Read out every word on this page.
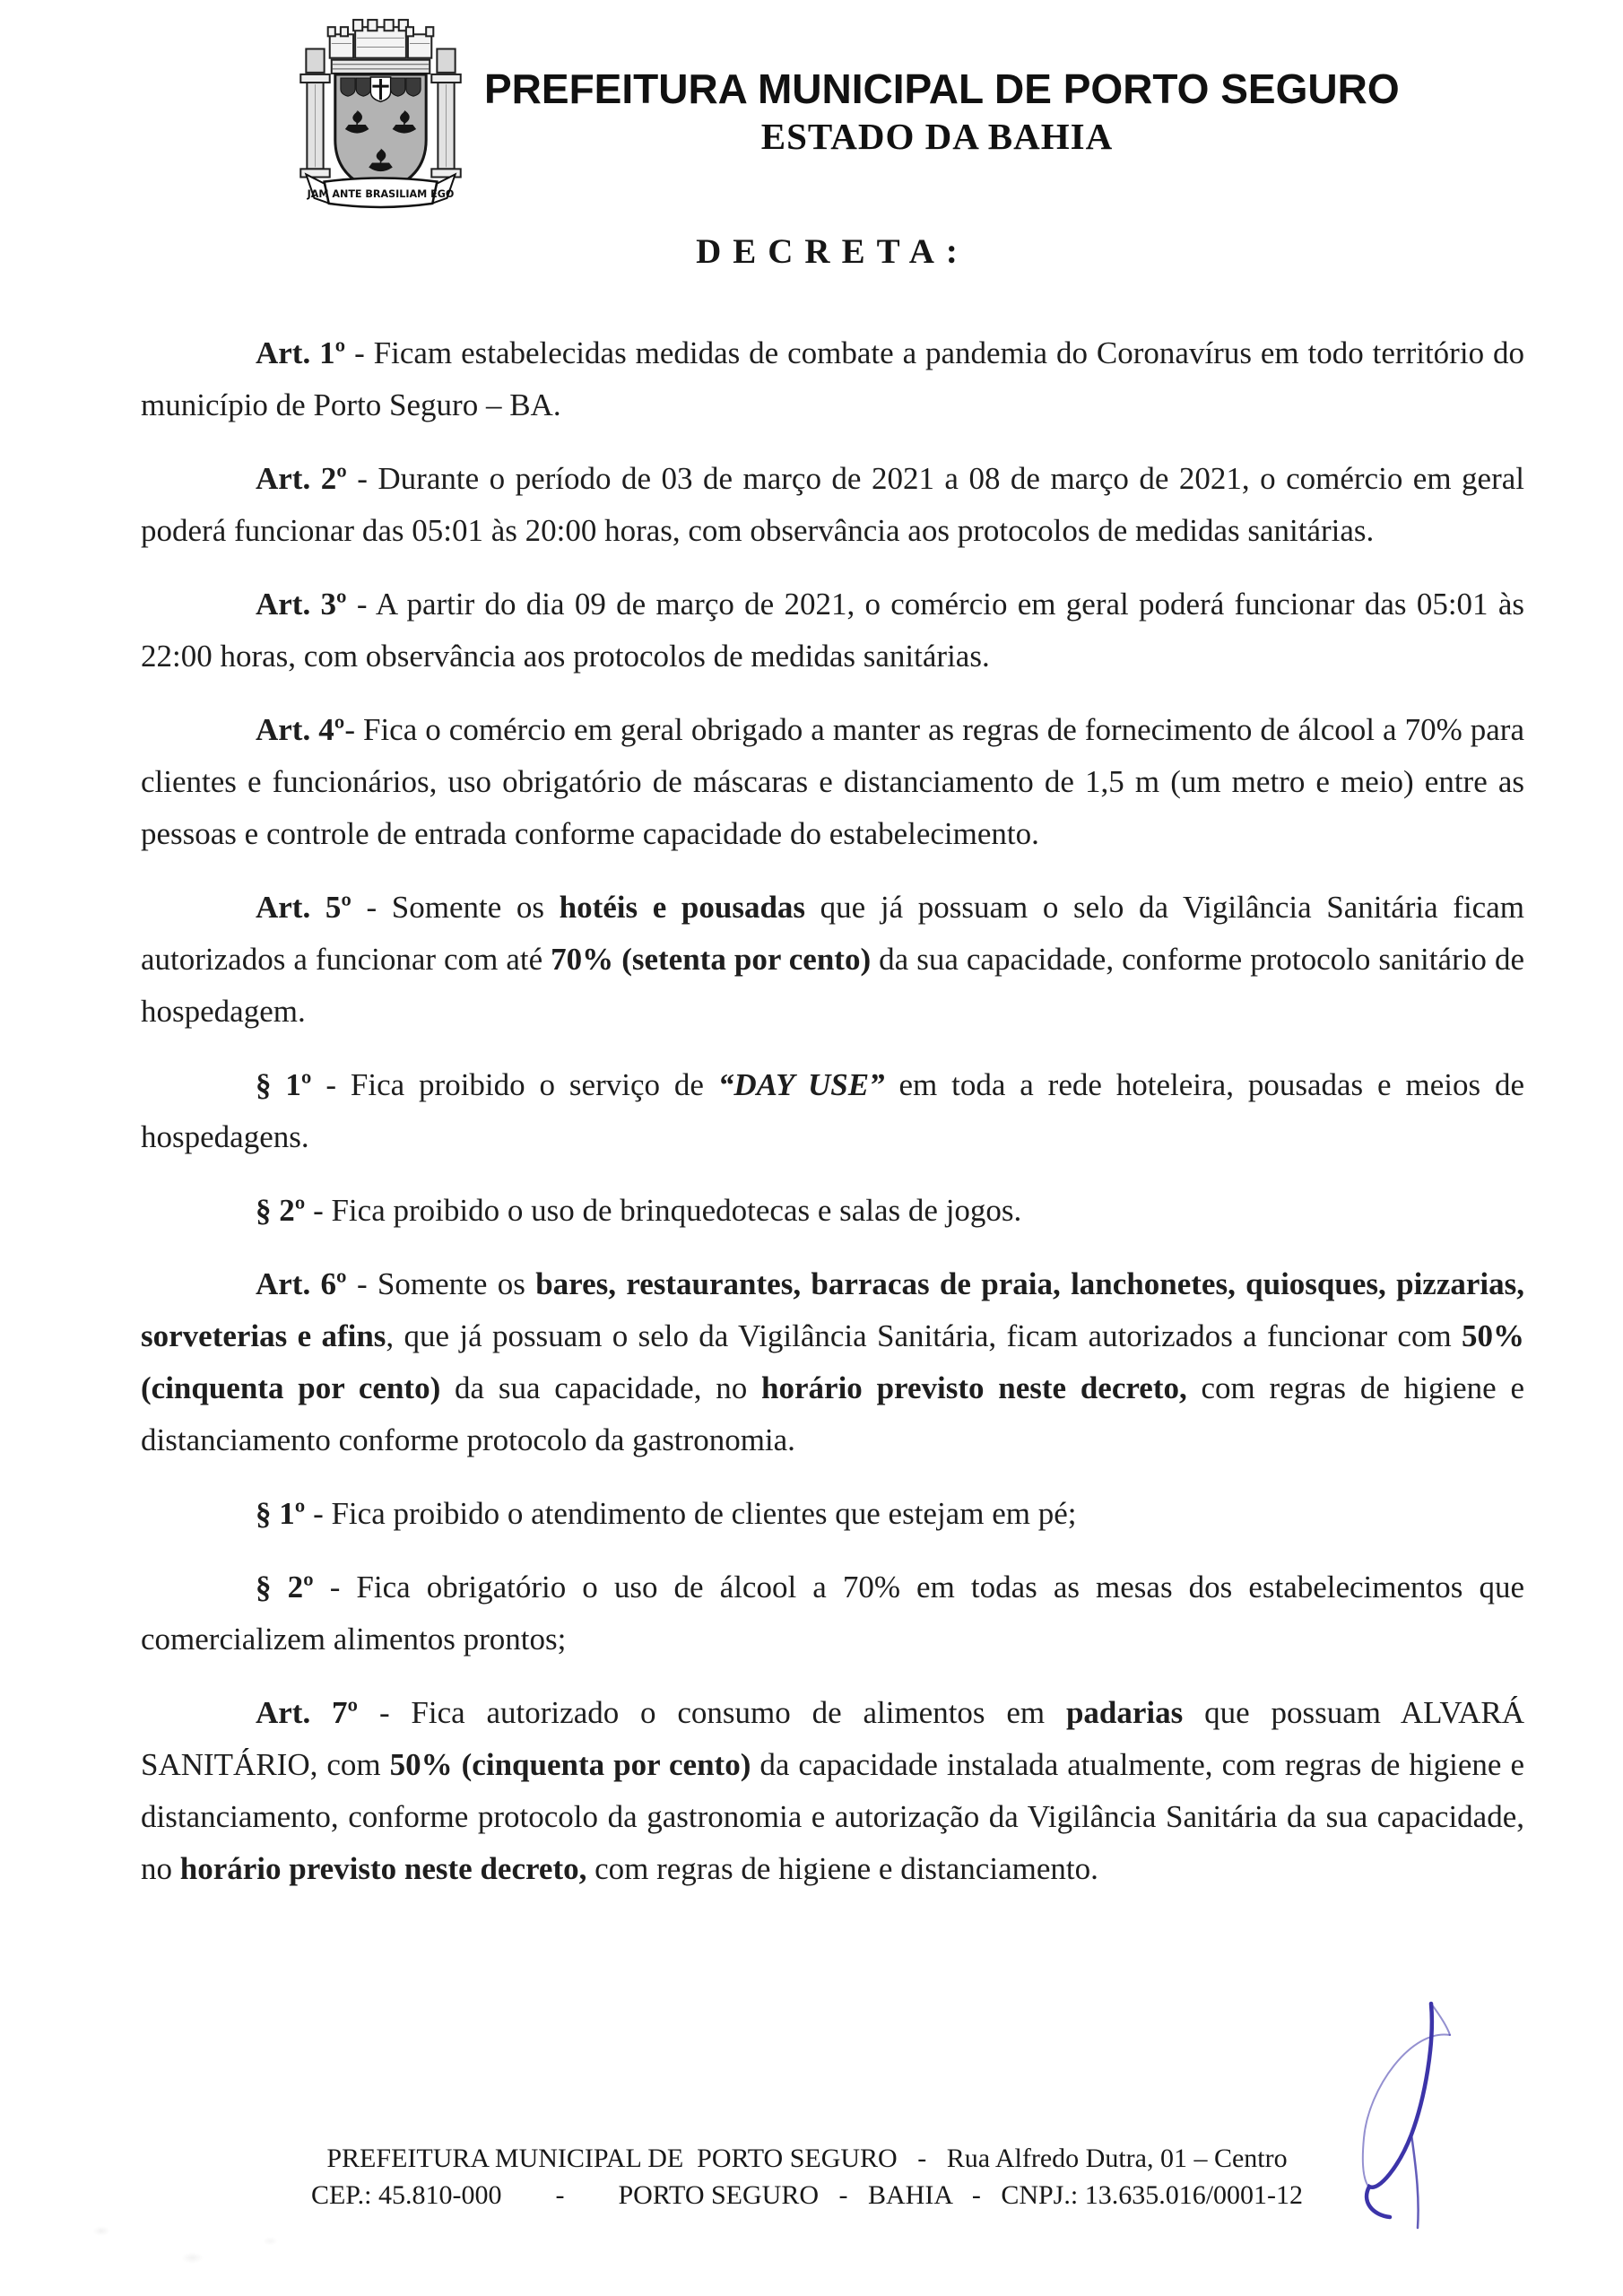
JAM ANTE BRASILIAM EGO
PREFEITURA MUNICIPAL DE PORTO SEGURO
ESTADO DA BAHIA
DECRETA:

Art. 1º - Ficam estabelecidas medidas de combate a pandemia do Coronavírus em todo território do município de Porto Seguro – BA.

Art. 2º - Durante o período de 03 de março de 2021 a 08 de março de 2021, o comércio em geral poderá funcionar das 05:01 às 20:00 horas, com observância aos protocolos de medidas sanitárias.

Art. 3º - A partir do dia 09 de março de 2021, o comércio em geral poderá funcionar das 05:01 às 22:00 horas, com observância aos protocolos de medidas sanitárias.

Art. 4º- Fica o comércio em geral obrigado a manter as regras de fornecimento de álcool a 70% para clientes e funcionários, uso obrigatório de máscaras e distanciamento de 1,5 m (um metro e meio) entre as pessoas e controle de entrada conforme capacidade do estabelecimento.

Art. 5º - Somente os hotéis e pousadas que já possuam o selo da Vigilância Sanitária ficam autorizados a funcionar com até 70% (setenta por cento) da sua capacidade, conforme protocolo sanitário de hospedagem.

§ 1º - Fica proibido o serviço de “DAY USE” em toda a rede hoteleira, pousadas e meios de hospedagens.

§ 2º - Fica proibido o uso de brinquedotecas e salas de jogos.

Art. 6º - Somente os bares, restaurantes, barracas de praia, lanchonetes, quiosques, pizzarias, sorveterias e afins, que já possuam o selo da Vigilância Sanitária, ficam autorizados a funcionar com 50% (cinquenta por cento) da sua capacidade, no horário previsto neste decreto, com regras de higiene e distanciamento conforme protocolo da gastronomia.

§ 1º - Fica proibido o atendimento de clientes que estejam em pé;

§ 2º - Fica obrigatório o uso de álcool a 70% em todas as mesas dos estabelecimentos que comercializem alimentos prontos;

Art. 7º - Fica autorizado o consumo de alimentos em padarias que possuam ALVARÁ SANITÁRIO, com 50% (cinquenta por cento) da capacidade instalada atualmente, com regras de higiene e distanciamento, conforme protocolo da gastronomia e autorização da Vigilância Sanitária da sua capacidade, no horário previsto neste decreto, com regras de higiene e distanciamento.

PREFEITURA MUNICIPAL DE  PORTO SEGURO   -   Rua Alfredo Dutra, 01 – Centro
CEP.: 45.810-000        -        PORTO SEGURO   -   BAHIA   -   CNPJ.: 13.635.016/0001-12
